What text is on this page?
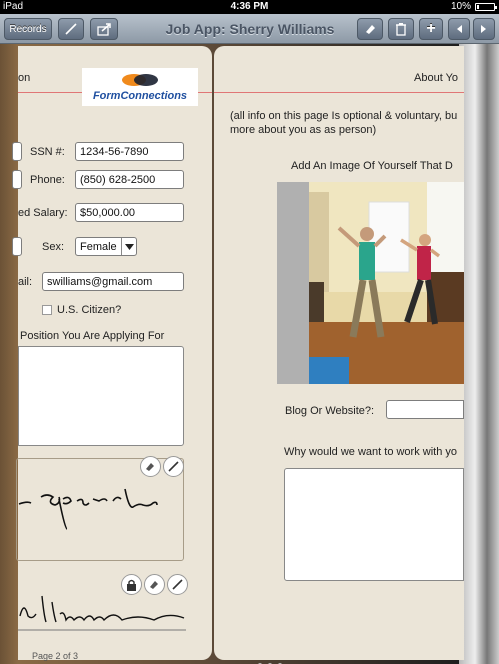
iPad	4:36 PM	10%
Records	Job App: Sherry Williams	+
on
FormConnections
SSN #:	1234-56-7890
Phone:	(850) 628-2500
ed Salary:	$50,000.00
Sex:	Female
ail:	swilliams@gmail.com
U.S. Citizen?
Position You Are Applying For
Page 2 of 3
About Yo
(all info on this page Is optional & voluntary, bu
more about you as as person)
Add An Image Of Yourself That D
Blog Or Website?:
Why would we want to work with yo
